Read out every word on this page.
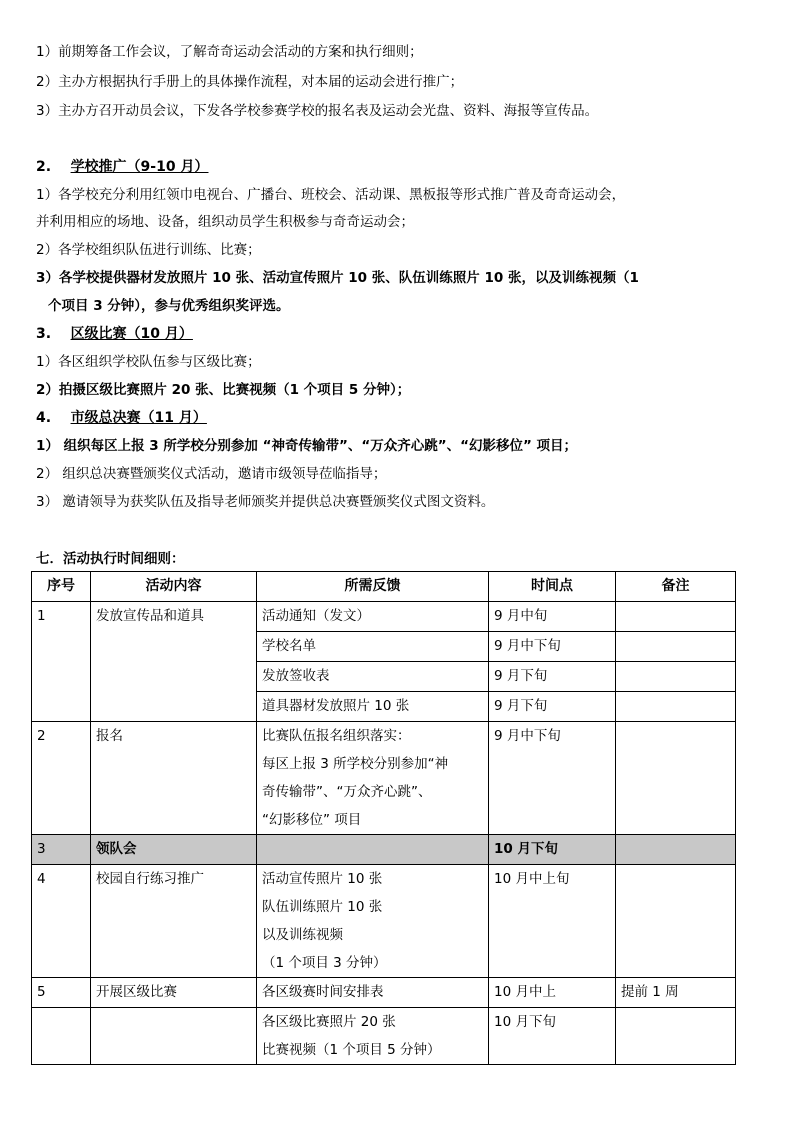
1）前期筹备工作会议，了解奇奇运动会活动的方案和执行细则；
2）主办方根据执行手册上的具体操作流程，对本届的运动会进行推广；
3）主办方召开动员会议，下发各学校参赛学校的报名表及运动会光盘、资料、海报等宣传品。
2. 学校推广（9-10 月）
1）各学校充分利用红领巾电视台、广播台、班校会、活动课、黑板报等形式推广普及奇奇运动会，
并利用相应的场地、设备，组织动员学生积极参与奇奇运动会；
2）各学校组织队伍进行训练、比赛；
3）各学校提供器材发放照片 10 张、活动宣传照片 10 张、队伍训练照片 10 张，以及训练视频（1
个项目 3 分钟），参与优秀组织奖评选。
3. 区级比赛（10 月）
1）各区组织学校队伍参与区级比赛；
2）拍摄区级比赛照片 20 张、比赛视频（1 个项目 5 分钟）；
4. 市级总决赛（11 月）
1） 组织每区上报 3 所学校分别参加 “神奇传输带”、“万众齐心跳”、“幻影移位” 项目；
2） 组织总决赛暨颁奖仪式活动，邀请市级领导莅临指导；
3） 邀请领导为获奖队伍及指导老师颁奖并提供总决赛暨颁奖仪式图文资料。
七．活动执行时间细则：
序号	活动内容	所需反馈	时间点	备注
1	发放宣传品和道具	活动通知（发文）	9 月中旬	
		学校名单	9 月中下旬	
		发放签收表	9 月下旬	
		道具器材发放照片 10 张	9 月下旬	
2	报名	比赛队伍报名组织落实：
每区上报 3 所学校分别参加“神
奇传输带”、“万众齐心跳”、
“幻影移位” 项目	9 月中下旬	
3	领队会		10 月下旬	
4	校园自行练习推广	活动宣传照片 10 张
队伍训练照片 10 张
以及训练视频
（1 个项目 3 分钟）	10 月中上旬	
5	开展区级比赛	各区级赛时间安排表	10 月中上	提前 1 周

		各区级比赛照片 20 张
比赛视频（1 个项目 5 分钟）	10 月下旬	
